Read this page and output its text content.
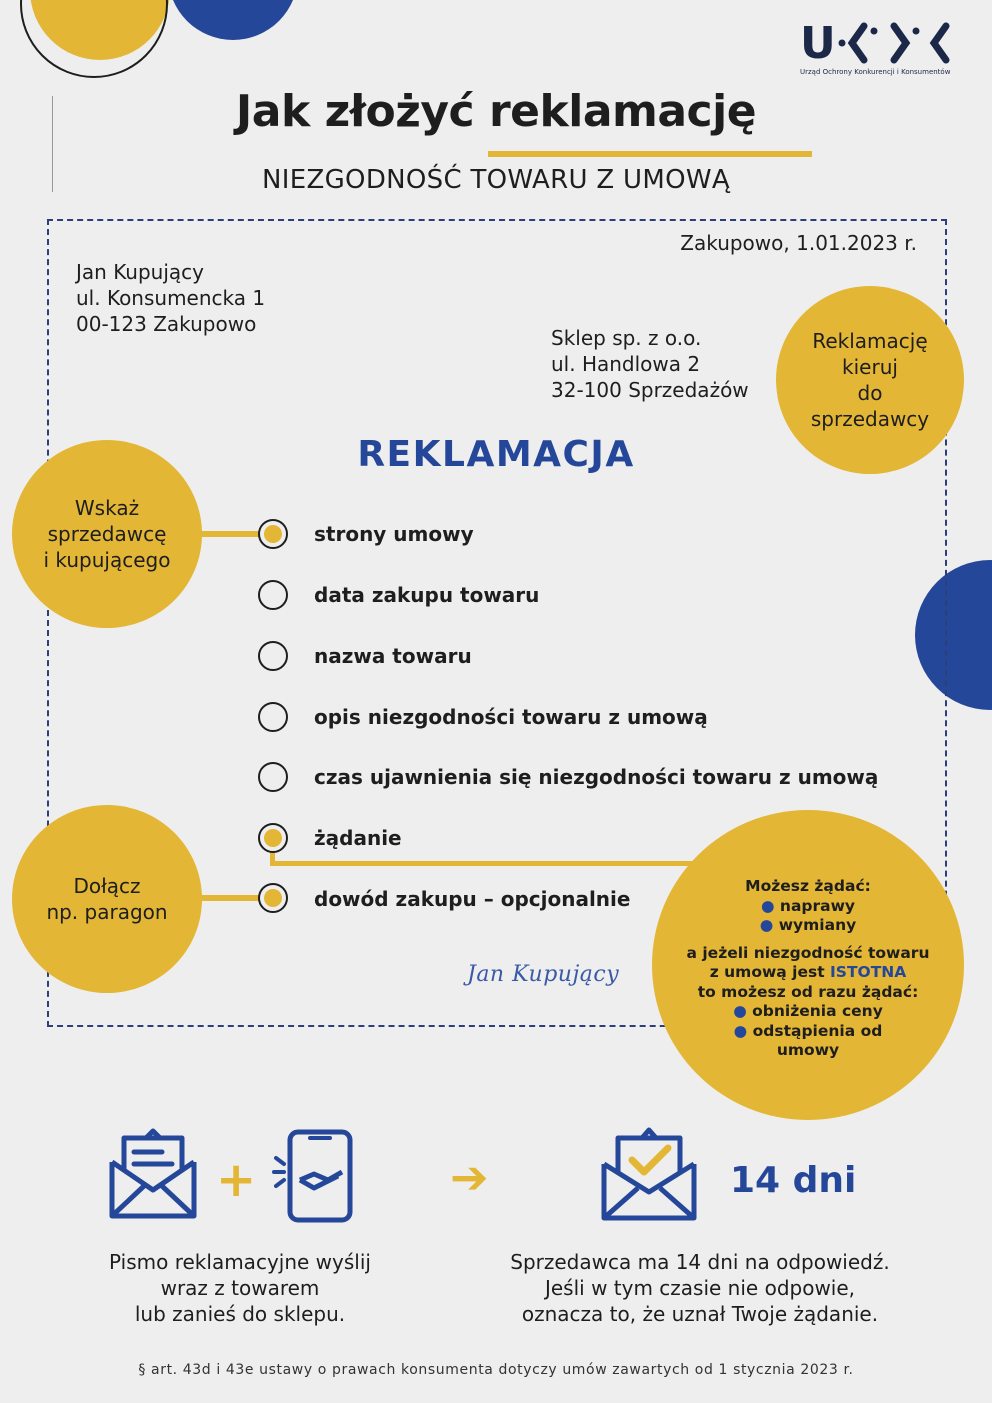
U
Urząd Ochrony Konkurencji i Konsumentów
Jak złożyć reklamację
NIEZGODNOŚĆ TOWARU Z UMOWĄ
Zakupowo, 1.01.2023 r.
Jan Kupujący
ul. Konsumencka 1
00-123 Zakupowo
Sklep sp. z o.o.
ul. Handlowa 2
32-100 Sprzedażów
Reklamację
kieruj
do
sprzedawcy
REKLAMACJA
Wskaż
sprzedawcę
i kupującego
Dołącz
np. paragon
strony umowy
data zakupu towaru
nazwa towaru
opis niezgodności towaru z umową
czas ujawnienia się niezgodności towaru z umową
żądanie
dowód zakupu – opcjonalnie
Jan Kupujący
Możesz żądać:
● naprawy
● wymiany
a jeżeli niezgodność towaru
z umową jest ISTOTNA
to możesz od razu żądać:
● obniżenia ceny
● odstąpienia od
umowy
+	➔	14 dni
Pismo reklamacyjne wyślij
wraz z towarem
lub zanieś do sklepu.
Sprzedawca ma 14 dni na odpowiedź.
Jeśli w tym czasie nie odpowie,
oznacza to, że uznał Twoje żądanie.
§ art. 43d i 43e ustawy o prawach konsumenta dotyczy umów zawartych od 1 stycznia 2023 r.
